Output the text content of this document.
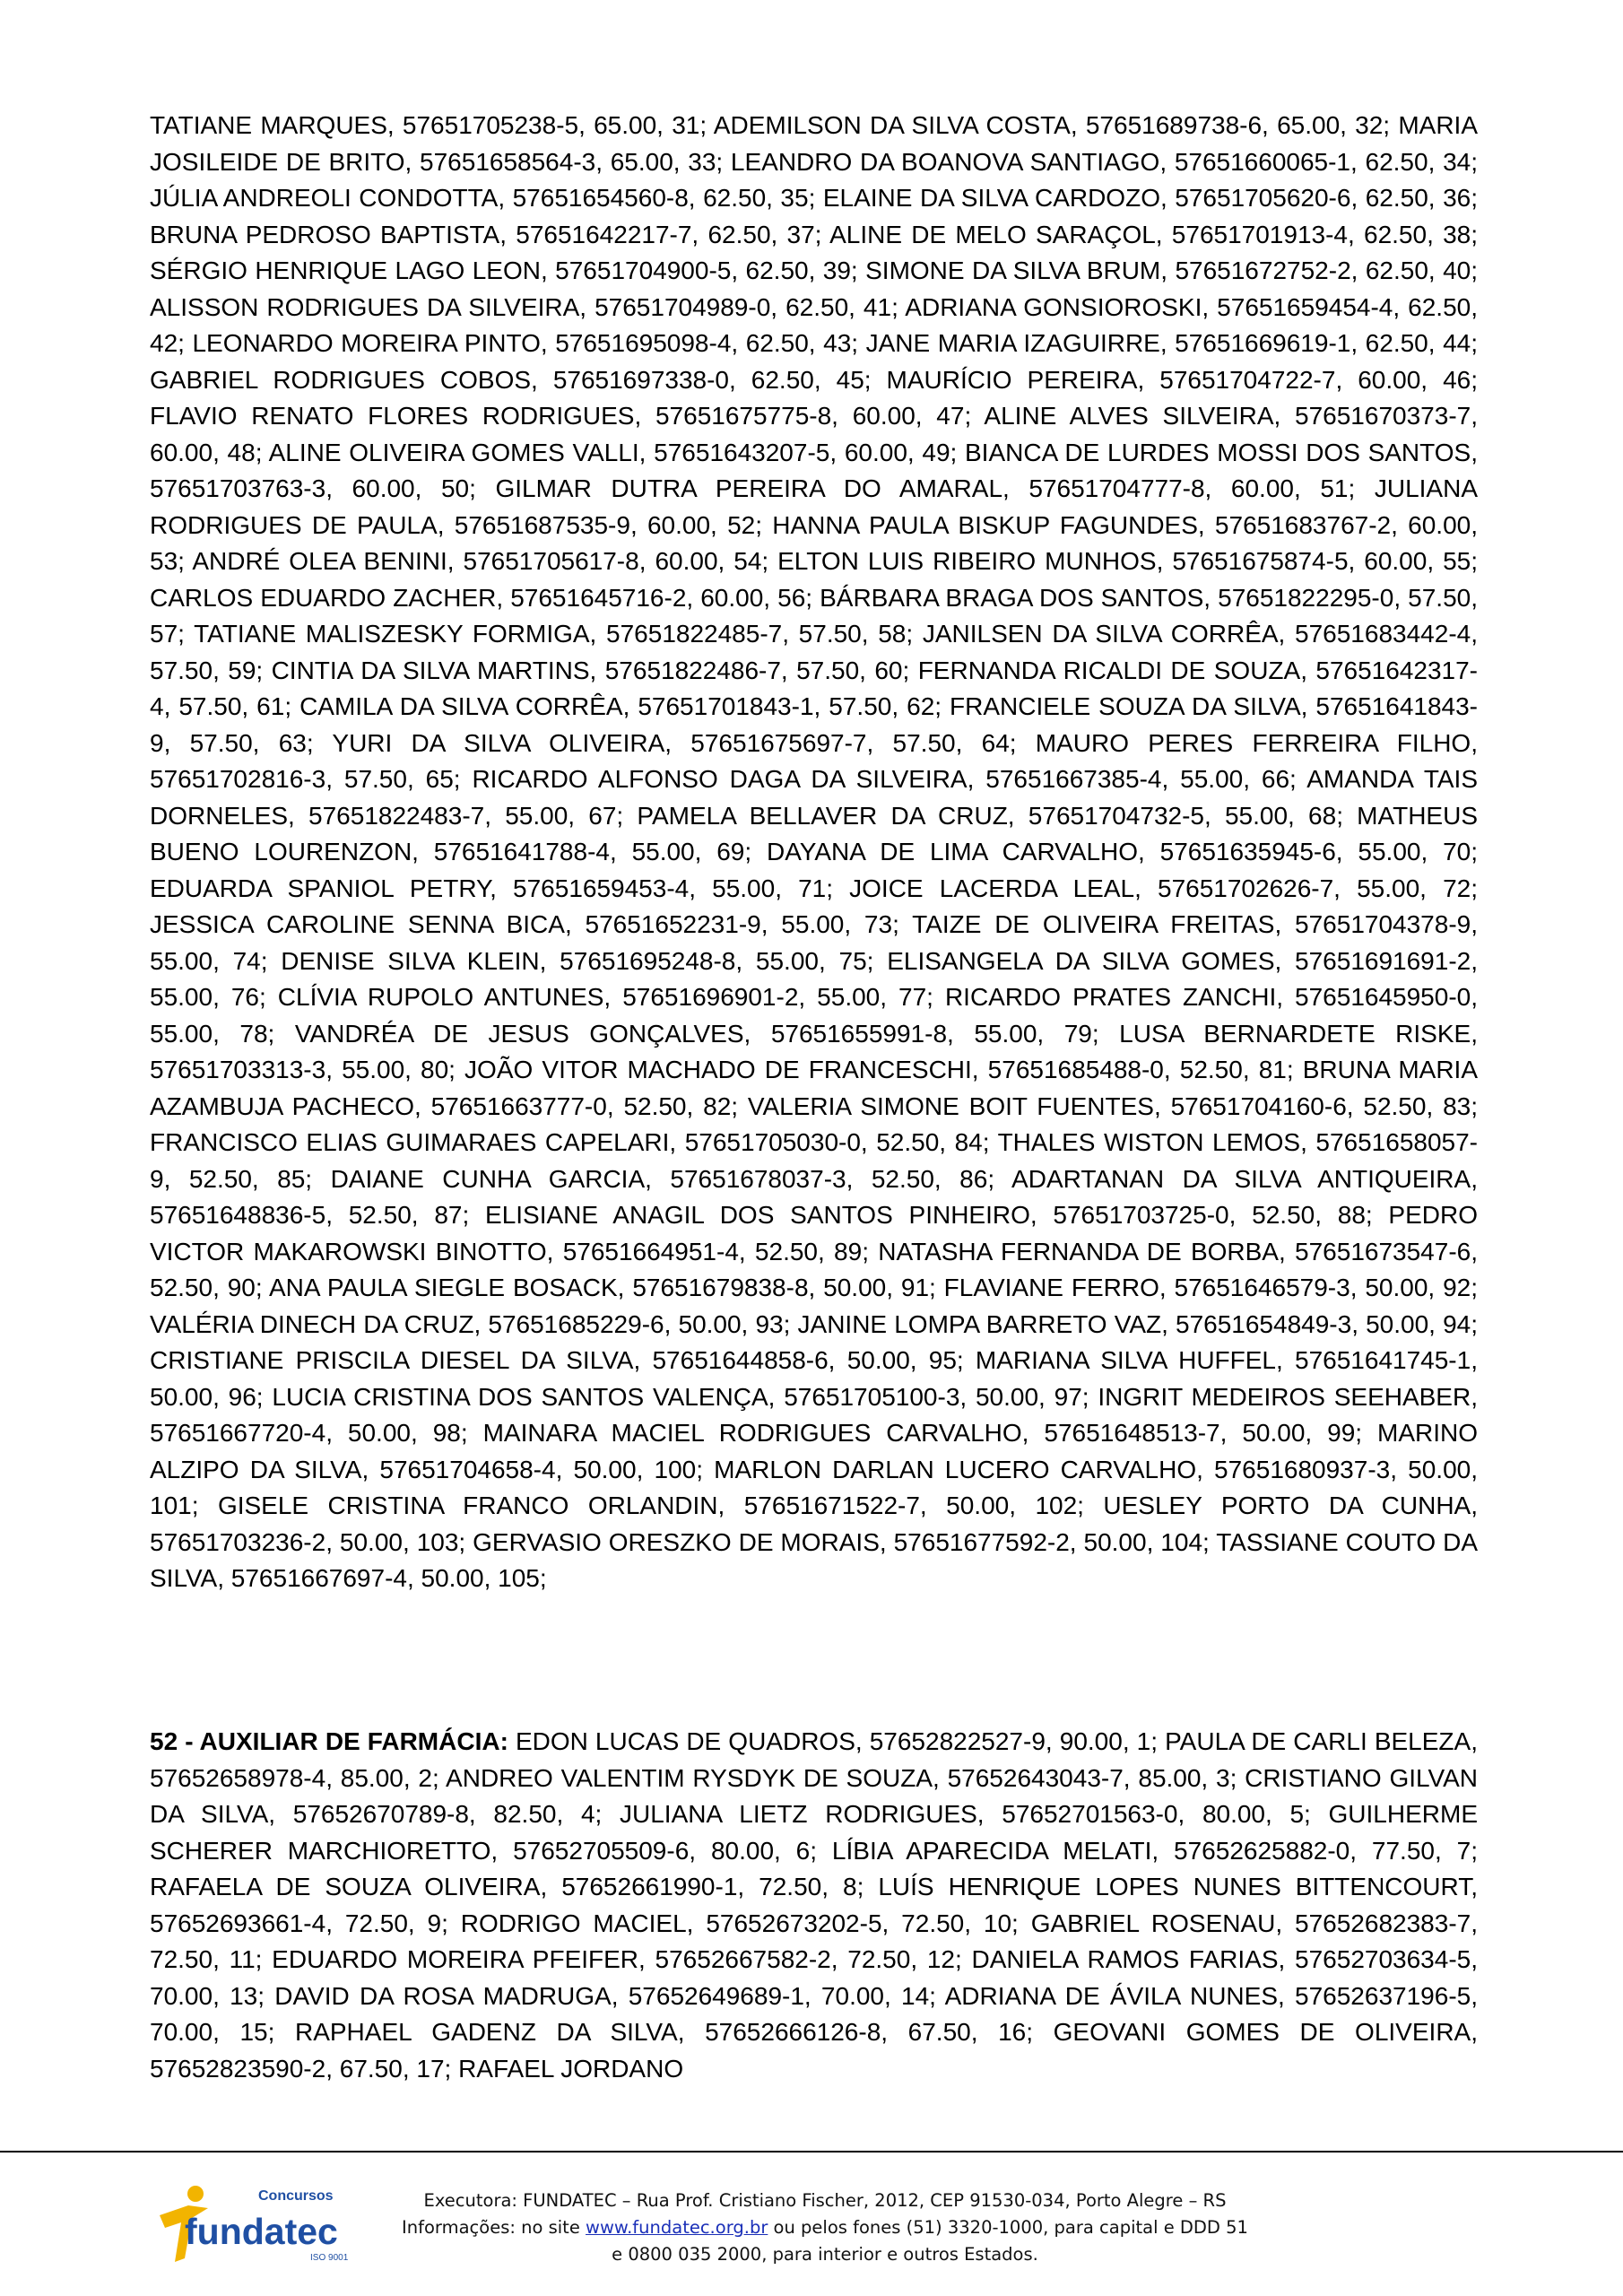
TATIANE MARQUES, 57651705238-5, 65.00, 31; ADEMILSON DA SILVA COSTA, 57651689738-6, 65.00, 32; MARIA JOSILEIDE DE BRITO, 57651658564-3, 65.00, 33; LEANDRO DA BOANOVA SANTIAGO, 57651660065-1, 62.50, 34; JÚLIA ANDREOLI CONDOTTA, 57651654560-8, 62.50, 35; ELAINE DA SILVA CARDOZO, 57651705620-6, 62.50, 36; BRUNA PEDROSO BAPTISTA, 57651642217-7, 62.50, 37; ALINE DE MELO SARAÇOL, 57651701913-4, 62.50, 38; SÉRGIO HENRIQUE LAGO LEON, 57651704900-5, 62.50, 39; SIMONE DA SILVA BRUM, 57651672752-2, 62.50, 40; ALISSON RODRIGUES DA SILVEIRA, 57651704989-0, 62.50, 41; ADRIANA GONSIOROSKI, 57651659454-4, 62.50, 42; LEONARDO MOREIRA PINTO, 57651695098-4, 62.50, 43; JANE MARIA IZAGUIRRE, 57651669619-1, 62.50, 44; GABRIEL RODRIGUES COBOS, 57651697338-0, 62.50, 45; MAURÍCIO PEREIRA, 57651704722-7, 60.00, 46; FLAVIO RENATO FLORES RODRIGUES, 57651675775-8, 60.00, 47; ALINE ALVES SILVEIRA, 57651670373-7, 60.00, 48; ALINE OLIVEIRA GOMES VALLI, 57651643207-5, 60.00, 49; BIANCA DE LURDES MOSSI DOS SANTOS, 57651703763-3, 60.00, 50; GILMAR DUTRA PEREIRA DO AMARAL, 57651704777-8, 60.00, 51; JULIANA RODRIGUES DE PAULA, 57651687535-9, 60.00, 52; HANNA PAULA BISKUP FAGUNDES, 57651683767-2, 60.00, 53; ANDRÉ OLEA BENINI, 57651705617-8, 60.00, 54; ELTON LUIS RIBEIRO MUNHOS, 57651675874-5, 60.00, 55; CARLOS EDUARDO ZACHER, 57651645716-2, 60.00, 56; BÁRBARA BRAGA DOS SANTOS, 57651822295-0, 57.50, 57; TATIANE MALISZESKY FORMIGA, 57651822485-7, 57.50, 58; JANILSEN DA SILVA CORRÊA, 57651683442-4, 57.50, 59; CINTIA DA SILVA MARTINS, 57651822486-7, 57.50, 60; FERNANDA RICALDI DE SOUZA, 57651642317-4, 57.50, 61; CAMILA DA SILVA CORRÊA, 57651701843-1, 57.50, 62; FRANCIELE SOUZA DA SILVA, 57651641843-9, 57.50, 63; YURI DA SILVA OLIVEIRA, 57651675697-7, 57.50, 64; MAURO PERES FERREIRA FILHO, 57651702816-3, 57.50, 65; RICARDO ALFONSO DAGA DA SILVEIRA, 57651667385-4, 55.00, 66; AMANDA TAIS DORNELES, 57651822483-7, 55.00, 67; PAMELA BELLAVER DA CRUZ, 57651704732-5, 55.00, 68; MATHEUS BUENO LOURENZON, 57651641788-4, 55.00, 69; DAYANA DE LIMA CARVALHO, 57651635945-6, 55.00, 70; EDUARDA SPANIOL PETRY, 57651659453-4, 55.00, 71; JOICE LACERDA LEAL, 57651702626-7, 55.00, 72; JESSICA CAROLINE SENNA BICA, 57651652231-9, 55.00, 73; TAIZE DE OLIVEIRA FREITAS, 57651704378-9, 55.00, 74; DENISE SILVA KLEIN, 57651695248-8, 55.00, 75; ELISANGELA DA SILVA GOMES, 57651691691-2, 55.00, 76; CLÍVIA RUPOLO ANTUNES, 57651696901-2, 55.00, 77; RICARDO PRATES ZANCHI, 57651645950-0, 55.00, 78; VANDRÉA DE JESUS GONÇALVES, 57651655991-8, 55.00, 79; LUSA BERNARDETE RISKE, 57651703313-3, 55.00, 80; JOÃO VITOR MACHADO DE FRANCESCHI, 57651685488-0, 52.50, 81; BRUNA MARIA AZAMBUJA PACHECO, 57651663777-0, 52.50, 82; VALERIA SIMONE BOIT FUENTES, 57651704160-6, 52.50, 83; FRANCISCO ELIAS GUIMARAES CAPELARI, 57651705030-0, 52.50, 84; THALES WISTON LEMOS, 57651658057-9, 52.50, 85; DAIANE CUNHA GARCIA, 57651678037-3, 52.50, 86; ADARTANAN DA SILVA ANTIQUEIRA, 57651648836-5, 52.50, 87; ELISIANE ANAGIL DOS SANTOS PINHEIRO, 57651703725-0, 52.50, 88; PEDRO VICTOR MAKAROWSKI BINOTTO, 57651664951-4, 52.50, 89; NATASHA FERNANDA DE BORBA, 57651673547-6, 52.50, 90; ANA PAULA SIEGLE BOSACK, 57651679838-8, 50.00, 91; FLAVIANE FERRO, 57651646579-3, 50.00, 92; VALÉRIA DINECH DA CRUZ, 57651685229-6, 50.00, 93; JANINE LOMPA BARRETO VAZ, 57651654849-3, 50.00, 94; CRISTIANE PRISCILA DIESEL DA SILVA, 57651644858-6, 50.00, 95; MARIANA SILVA HUFFEL, 57651641745-1, 50.00, 96; LUCIA CRISTINA DOS SANTOS VALENÇA, 57651705100-3, 50.00, 97; INGRIT MEDEIROS SEEHABER, 57651667720-4, 50.00, 98; MAINARA MACIEL RODRIGUES CARVALHO, 57651648513-7, 50.00, 99; MARINO ALZIPO DA SILVA, 57651704658-4, 50.00, 100; MARLON DARLAN LUCERO CARVALHO, 57651680937-3, 50.00, 101; GISELE CRISTINA FRANCO ORLANDIN, 57651671522-7, 50.00, 102; UESLEY PORTO DA CUNHA, 57651703236-2, 50.00, 103; GERVASIO ORESZKO DE MORAIS, 57651677592-2, 50.00, 104; TASSIANE COUTO DA SILVA, 57651667697-4, 50.00, 105;

52 - AUXILIAR DE FARMÁCIA: EDON LUCAS DE QUADROS, 57652822527-9, 90.00, 1; PAULA DE CARLI BELEZA, 57652658978-4, 85.00, 2; ANDREO VALENTIM RYSDYK DE SOUZA, 57652643043-7, 85.00, 3; CRISTIANO GILVAN DA SILVA, 57652670789-8, 82.50, 4; JULIANA LIETZ RODRIGUES, 57652701563-0, 80.00, 5; GUILHERME SCHERER MARCHIORETTO, 57652705509-6, 80.00, 6; LÍBIA APARECIDA MELATI, 57652625882-0, 77.50, 7; RAFAELA DE SOUZA OLIVEIRA, 57652661990-1, 72.50, 8; LUÍS HENRIQUE LOPES NUNES BITTENCOURT, 57652693661-4, 72.50, 9; RODRIGO MACIEL, 57652673202-5, 72.50, 10; GABRIEL ROSENAU, 57652682383-7, 72.50, 11; EDUARDO MOREIRA PFEIFER, 57652667582-2, 72.50, 12; DANIELA RAMOS FARIAS, 57652703634-5, 70.00, 13; DAVID DA ROSA MADRUGA, 57652649689-1, 70.00, 14; ADRIANA DE ÁVILA NUNES, 57652637196-5, 70.00, 15; RAPHAEL GADENZ DA SILVA, 57652666126-8, 67.50, 16; GEOVANI GOMES DE OLIVEIRA, 57652823590-2, 67.50, 17; RAFAEL JORDANO

Concursos
fundatec
ISO 9001
Executora: FUNDATEC – Rua Prof. Cristiano Fischer, 2012, CEP 91530-034, Porto Alegre – RS
Informações: no site www.fundatec.org.br ou pelos fones (51) 3320-1000, para capital e DDD 51
e 0800 035 2000, para interior e outros Estados.
